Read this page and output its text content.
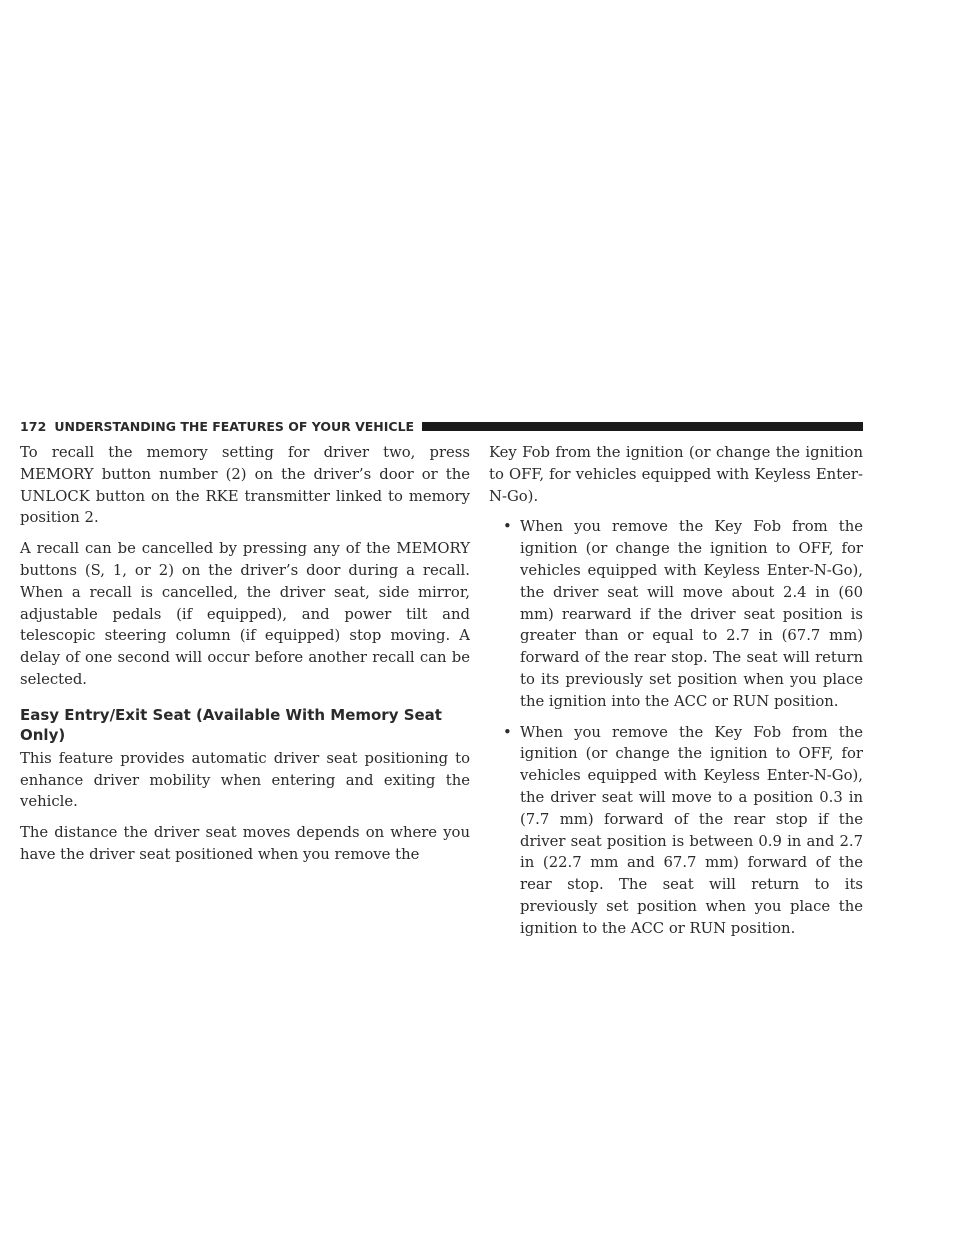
172 UNDERSTANDING THE FEATURES OF YOUR VEHICLE

To recall the memory setting for driver two, press MEMORY button number (2) on the driver’s door or the UNLOCK button on the RKE transmitter linked to memory position 2.

A recall can be cancelled by pressing any of the MEMORY buttons (S, 1, or 2) on the driver’s door during a recall. When a recall is cancelled, the driver seat, side mirror, adjustable pedals (if equipped), and power tilt and telescopic steering column (if equipped) stop moving. A delay of one second will occur before another recall can be selected.

Easy Entry/Exit Seat (Available With Memory Seat Only)

This feature provides automatic driver seat positioning to enhance driver mobility when entering and exiting the vehicle.

The distance the driver seat moves depends on where you have the driver seat positioned when you remove the

Key Fob from the ignition (or change the ignition to OFF, for vehicles equipped with Keyless Enter-N-Go).

• When you remove the Key Fob from the ignition (or change the ignition to OFF, for vehicles equipped with Keyless Enter-N-Go), the driver seat will move about 2.4 in (60 mm) rearward if the driver seat position is greater than or equal to 2.7 in (67.7 mm) forward of the rear stop. The seat will return to its previously set position when you place the ignition into the ACC or RUN position.
• When you remove the Key Fob from the ignition (or change the ignition to OFF, for vehicles equipped with Keyless Enter-N-Go), the driver seat will move to a position 0.3 in (7.7 mm) forward of the rear stop if the driver seat position is between 0.9 in and 2.7 in (22.7 mm and 67.7 mm) forward of the rear stop. The seat will return to its previously set position when you place the ignition to the ACC or RUN position.
